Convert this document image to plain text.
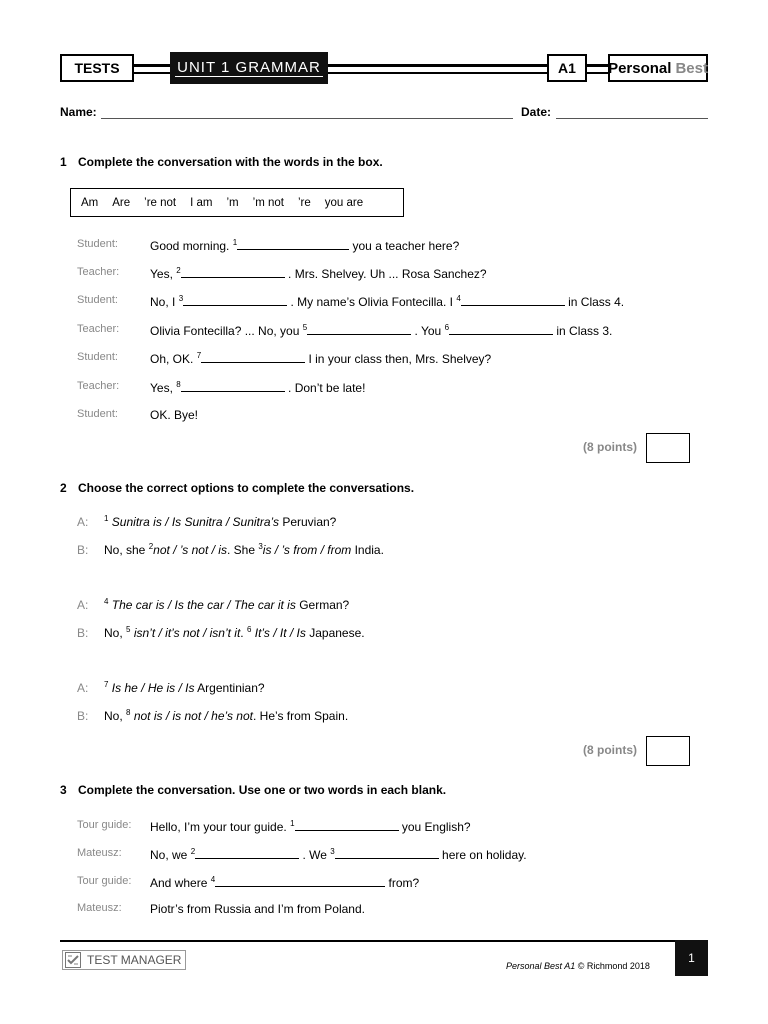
TESTS	UNIT 1 GRAMMAR	A1	Personal Best
Name:	Date:
1 Complete the conversation with the words in the box.
Am Are ’re not I am ’m ’m not ’re you are
Student:	Good morning. $^1$	you a teacher here?
Teacher:	Yes, $^2$	. Mrs. Shelvey. Uh ... Rosa Sanchez?
Student:	No, I $^3$	. My name’s Olivia Fontecilla. I $^4$	in Class 4.
Teacher:	Olivia Fontecilla? ... No, you $^5$	. You $^6$	in Class 3.
Student:	Oh, OK. $^7$	I in your class then, Mrs. Shelvey?
Teacher:	Yes, $^8$	. Don’t be late!
Student:	OK. Bye!
(8 points)
2 Choose the correct options to complete the conversations.
A: $^1$ Sunitra is / Is Sunitra / Sunitra’s Peruvian?
B: No, she $^2$not / ’s not / is. She $^3$is / ’s from / from India.
A: $^4$ The car is / Is the car / The car it is German?
B: No, $^5$ isn’t / it’s not / isn’t it. $^6$ It’s / It / Is Japanese.
A: $^7$ Is he / He is / Is Argentinian?
B: No, $^8$ not is / is not / he’s not. He’s from Spain.
(8 points)
3 Complete the conversation. Use one or two words in each blank.
Tour guide: Hello, I’m your tour guide. $^1$	you English?
Mateusz: No, we $^2$	. We $^3$	here on holiday.
Tour guide: And where $^4$	from?
Mateusz: Piotr’s from Russia and I’m from Poland.
TEST MANAGER	Personal Best A1 © Richmond 2018
1
